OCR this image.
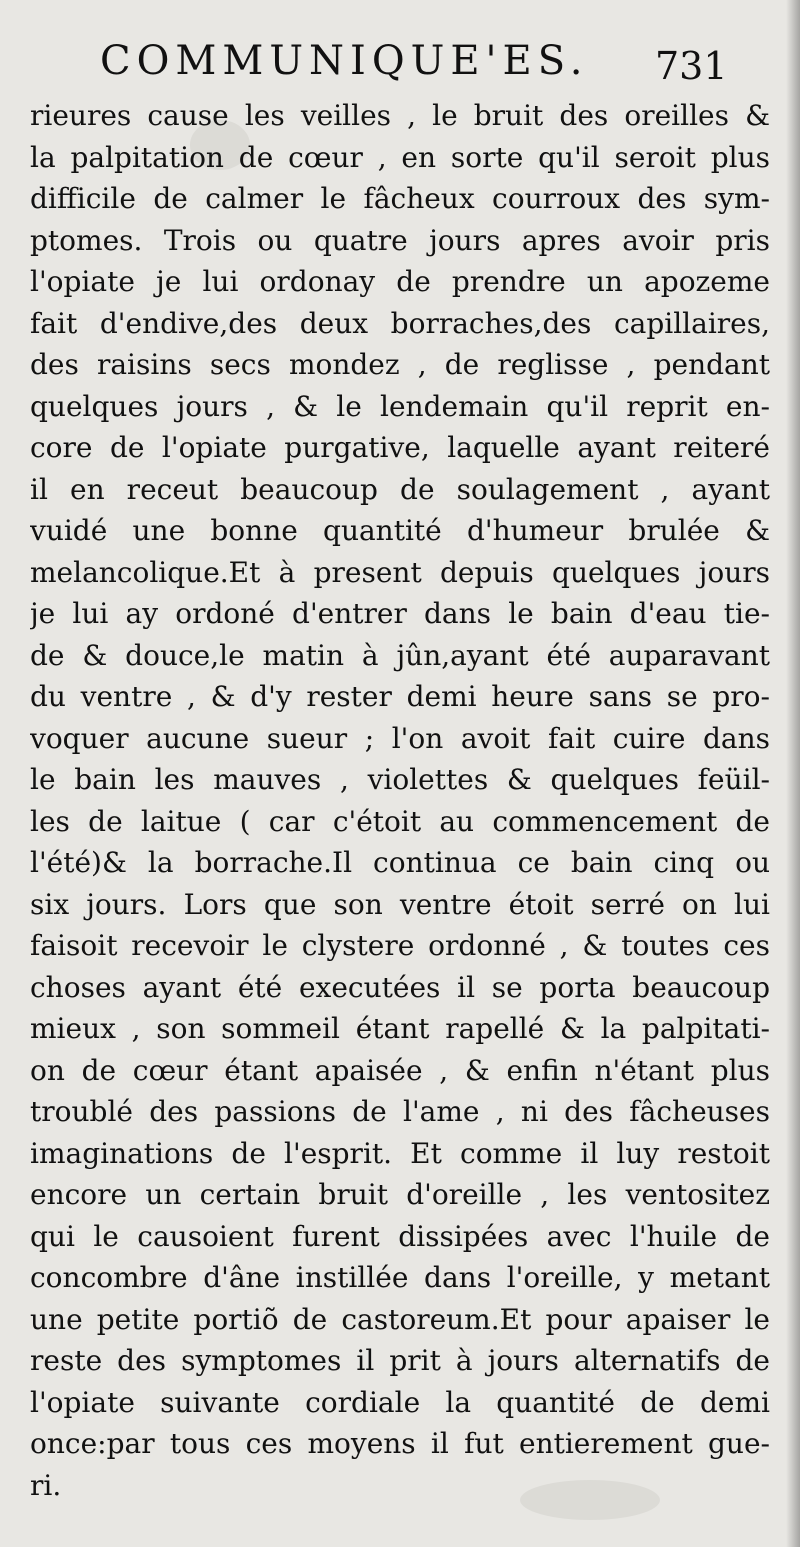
COMMUNIQUE'ES. 731
rieures cause les veilles , le bruit des oreilles &
la palpitation de cœur , en sorte qu'il seroit plus
difficile de calmer le fâcheux courroux des sym-
ptomes. Trois ou quatre jours apres avoir pris
l'opiate je lui ordonay de prendre un apozeme
fait d'endive,des deux borraches,des capillaires,
des raisins secs mondez , de reglisse , pendant
quelques jours , & le lendemain qu'il reprit en-
core de l'opiate purgative, laquelle ayant reiteré
il en receut beaucoup de soulagement , ayant
vuidé une bonne quantité d'humeur brulée &
melancolique.Et à present depuis quelques jours
je lui ay ordoné d'entrer dans le bain d'eau tie-
de & douce,le matin à jûn,ayant été auparavant
du ventre , & d'y rester demi heure sans se pro-
voquer aucune sueur ; l'on avoit fait cuire dans
le bain les mauves , violettes & quelques feüil-
les de laitue ( car c'étoit au commencement de
l'été)& la borrache.Il continua ce bain cinq ou
six jours. Lors que son ventre étoit serré on lui
faisoit recevoir le clystere ordonné , & toutes ces
choses ayant été executées il se porta beaucoup
mieux , son sommeil étant rapellé & la palpitati-
on de cœur étant apaisée , & enfin n'étant plus
troublé des passions de l'ame , ni des fâcheuses
imaginations de l'esprit. Et comme il luy restoit
encore un certain bruit d'oreille , les ventositez
qui le causoient furent dissipées avec l'huile de
concombre d'âne instillée dans l'oreille, y metant
une petite portiõ de castoreum.Et pour apaiser le
reste des symptomes il prit à jours alternatifs de
l'opiate suivante cordiale la quantité de demi
once:par tous ces moyens il fut entierement gue-
ri.
